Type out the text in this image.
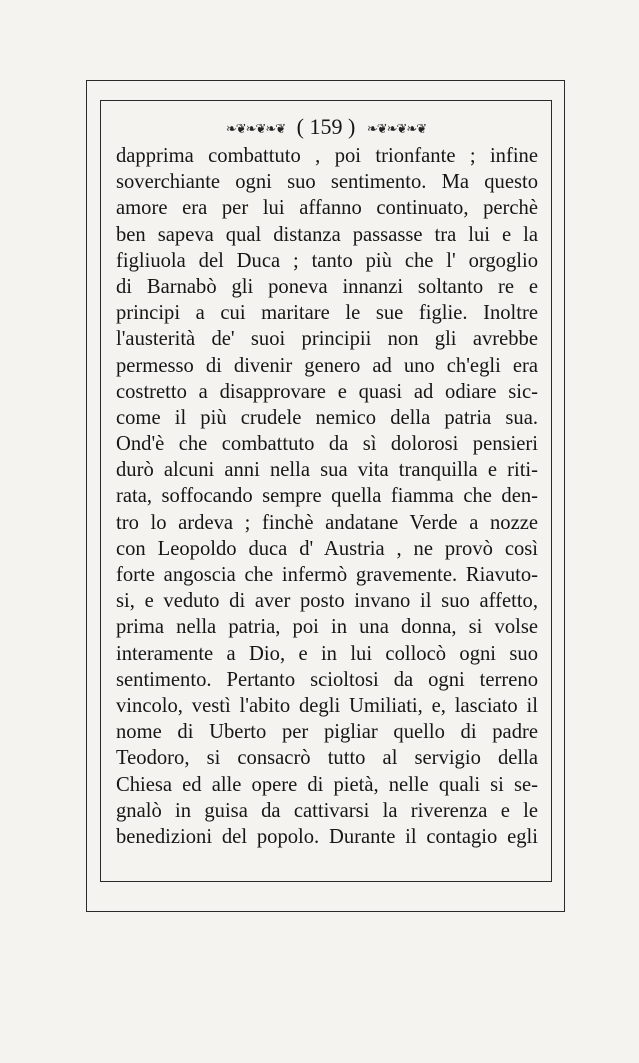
❧❦❧❦❧❦ ( 159 ) ❧❦❧❦❧❦
dapprima combattuto , poi trionfante ; infine
soverchiante ogni suo sentimento. Ma questo
amore era per lui affanno continuato, perchè
ben sapeva qual distanza passasse tra lui e la
figliuola del Duca ; tanto più che l' orgoglio
di Barnabò gli poneva innanzi soltanto re e
principi a cui maritare le sue figlie. Inoltre
l'austerità de' suoi principii non gli avrebbe
permesso di divenir genero ad uno ch'egli era
costretto a disapprovare e quasi ad odiare sic-
come il più crudele nemico della patria sua.
Ond'è che combattuto da sì dolorosi pensieri
durò alcuni anni nella sua vita tranquilla e riti-
rata, soffocando sempre quella fiamma che den-
tro lo ardeva ; finchè andatane Verde a nozze
con Leopoldo duca d' Austria , ne provò così
forte angoscia che infermò gravemente. Riavuto-
si, e veduto di aver posto invano il suo affetto,
prima nella patria, poi in una donna, si volse
interamente a Dio, e in lui collocò ogni suo
sentimento. Pertanto scioltosi da ogni terreno
vincolo, vestì l'abito degli Umiliati, e, lasciato il
nome di Uberto per pigliar quello di padre
Teodoro, si consacrò tutto al servigio della
Chiesa ed alle opere di pietà, nelle quali si se-
gnalò in guisa da cattivarsi la riverenza e le
benedizioni del popolo. Durante il contagio egli
